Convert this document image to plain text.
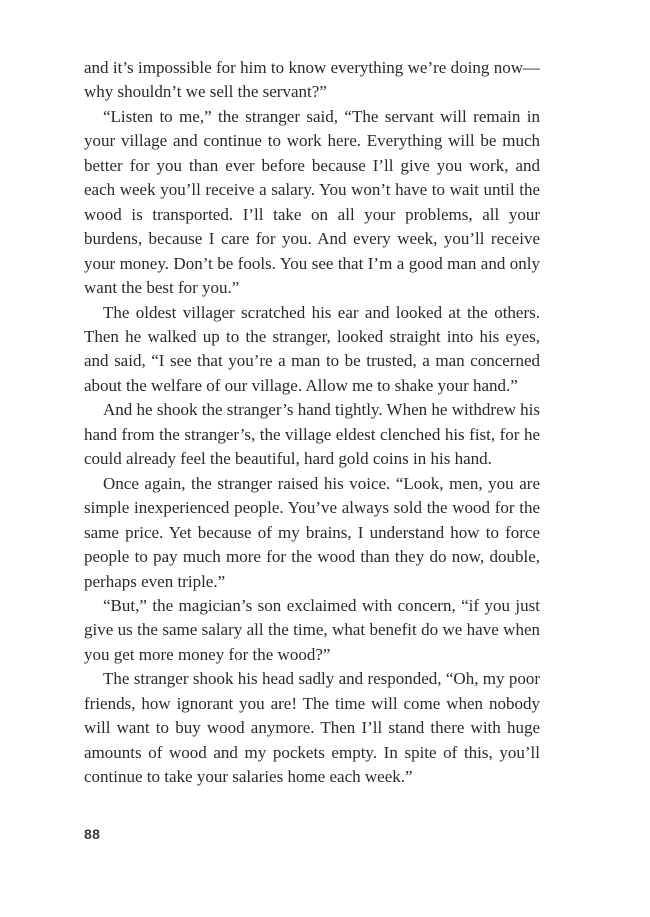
and it’s impossible for him to know everything we’re doing now—why shouldn’t we sell the servant?”

“Listen to me,” the stranger said, “The servant will remain in your village and continue to work here. Everything will be much better for you than ever before because I’ll give you work, and each week you’ll receive a salary. You won’t have to wait until the wood is transported. I’ll take on all your problems, all your burdens, because I care for you. And every week, you’ll receive your money. Don’t be fools. You see that I’m a good man and only want the best for you.”

The oldest villager scratched his ear and looked at the others. Then he walked up to the stranger, looked straight into his eyes, and said, “I see that you’re a man to be trusted, a man concerned about the welfare of our village. Allow me to shake your hand.”

And he shook the stranger’s hand tightly. When he withdrew his hand from the stranger’s, the village eldest clenched his fist, for he could already feel the beautiful, hard gold coins in his hand.

Once again, the stranger raised his voice. “Look, men, you are simple inexperienced people. You’ve always sold the wood for the same price. Yet because of my brains, I understand how to force people to pay much more for the wood than they do now, double, perhaps even triple.”

“But,” the magician’s son exclaimed with concern, “if you just give us the same salary all the time, what benefit do we have when you get more money for the wood?”

The stranger shook his head sadly and responded, “Oh, my poor friends, how ignorant you are! The time will come when nobody will want to buy wood anymore. Then I’ll stand there with huge amounts of wood and my pockets empty. In spite of this, you’ll continue to take your salaries home each week.”

88
